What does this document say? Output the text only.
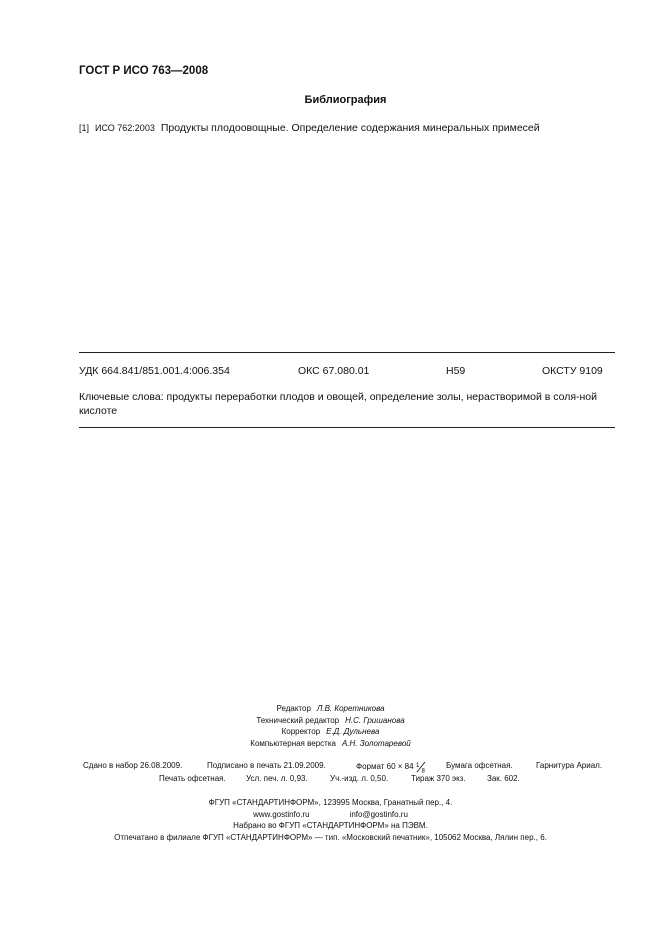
ГОСТ Р ИСО 763—2008
Библиография
[1] ИСО 762:2003 Продукты плодоовощные. Определение содержания минеральных примесей
УДК 664.841/851.001.4:006.354	ОКС 67.080.01	Н59	ОКСТУ 9109
Ключевые слова: продукты переработки плодов и овощей, определение золы, нерастворимой в соля-ной кислоте
Редактор Л.В. Коретникова
Технический редактор Н.С. Гришанова
Корректор Е.Д. Дульнева
Компьютерная верстка А.Н. Золотаревой
Сдано в набор 26.08.2009.	Подписано в печать 21.09.2009.	Формат 60 × 84 1
8
Бумага офсетная.	Гарнитура Ариал.
Печать офсетная.	Усл. печ. л. 0,93.	Уч.-изд. л. 0,50.	Тираж 370 экз.	Зак. 602.
ФГУП «СТАНДАРТИНФОРМ», 123995 Москва, Гранатный пер., 4.
www.gostinfo.ru	info@gostinfo.ru
Набрано во ФГУП «СТАНДАРТИНФОРМ» на ПЭВМ.
Отпечатано в филиале ФГУП «СТАНДАРТИНФОРМ» — тип. «Московский печатник», 105062 Москва, Лялин пер., 6.
